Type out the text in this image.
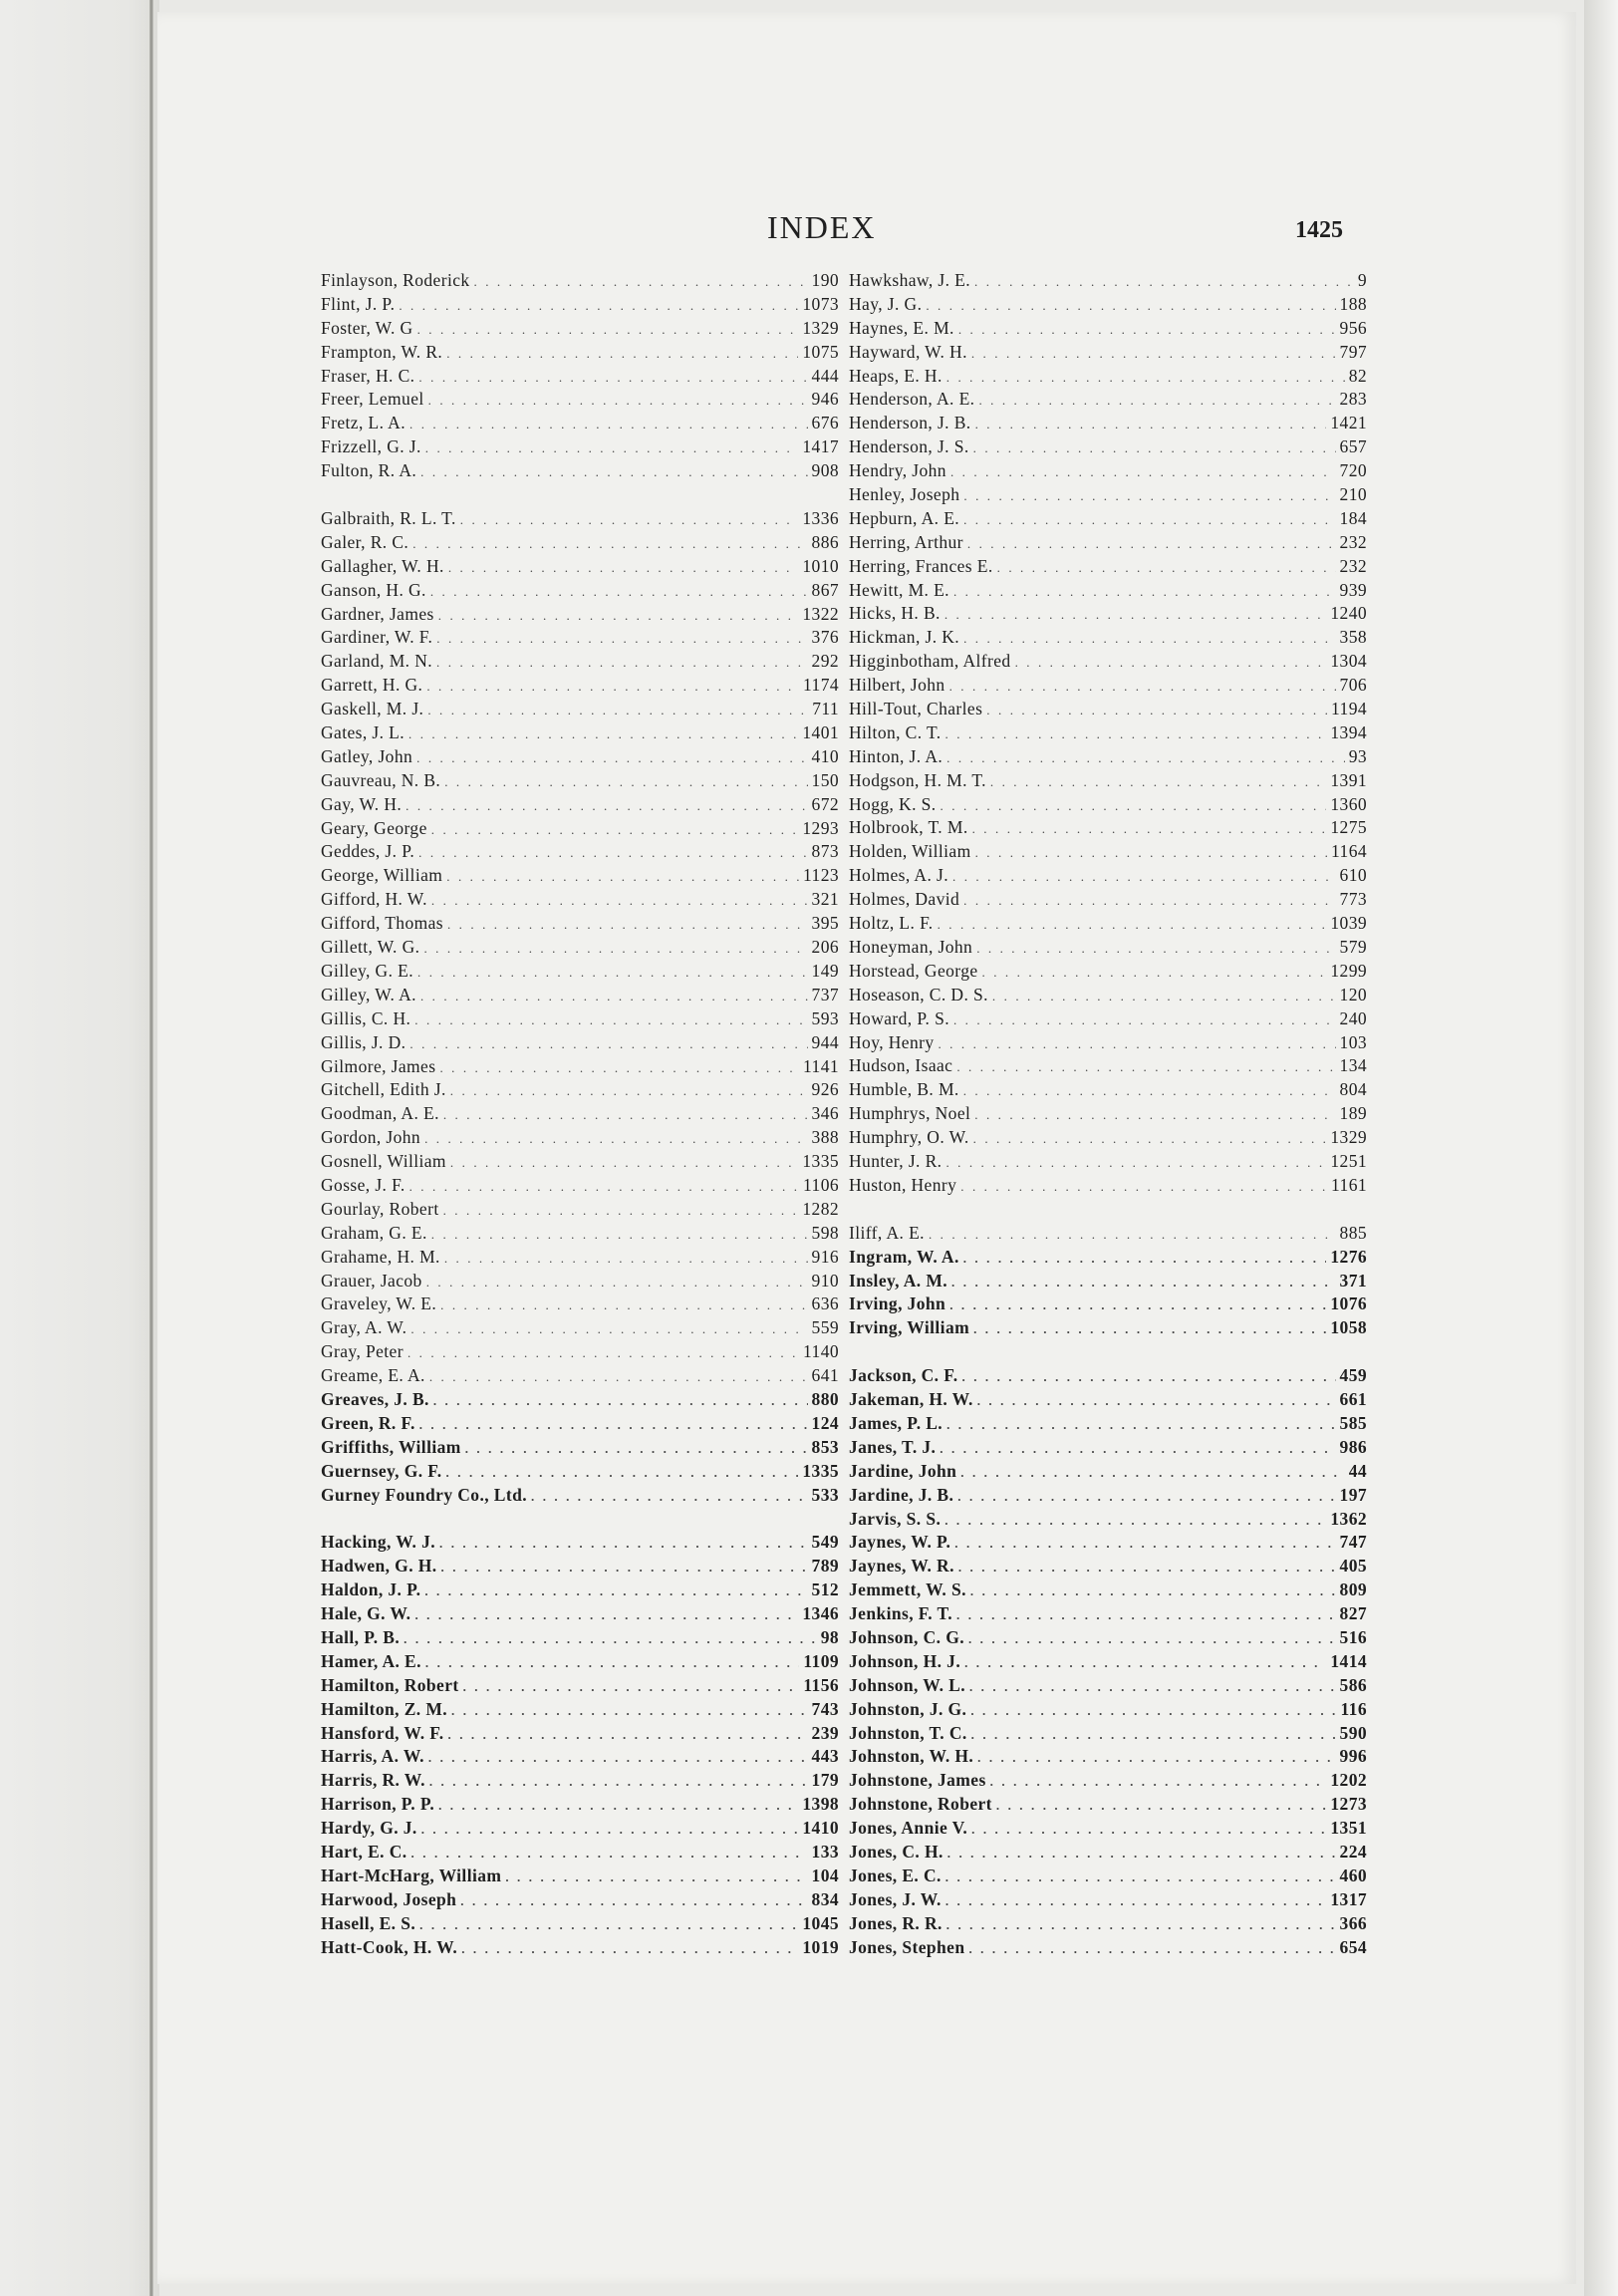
INDEX	1425
Finlayson, Roderick . . .	190
Flint, J. P. . . .	1073
Foster, W. G . . .	1329
Frampton, W. R. . . .	1075
Fraser, H. C. . . .	444
Freer, Lemuel . . .	946
Fretz, L. A. . . .	676
Frizzell, G. J. . . .	1417
Fulton, R. A. . . .	908
Galbraith, R. L. T. . . .	1336
Galer, R. C. . . .	886
Gallagher, W. H. . . .	1010
Ganson, H. G. . . .	867
Gardner, James . . .	1322
Gardiner, W. F. . . .	376
Garland, M. N. . . .	292
Garrett, H. G. . . .	1174
Gaskell, M. J. . . .	711
Gates, J. L. . . .	1401
Gatley, John . . .	410
Gauvreau, N. B. . . .	150
Gay, W. H. . . .	672
Geary, George . . .	1293
Geddes, J. P. . . .	873
George, William . . .	1123
Gifford, H. W. . . .	321
Gifford, Thomas . . .	395
Gillett, W. G. . . .	206
Gilley, G. E. . . .	149
Gilley, W. A. . . .	737
Gillis, C. H. . . .	593
Gillis, J. D. . . .	944
Gilmore, James . . .	1141
Gitchell, Edith J. . . .	926
Goodman, A. E. . . .	346
Gordon, John . . .	388
Gosnell, William . . .	1335
Gosse, J. F. . . .	1106
Gourlay, Robert . . .	1282
Graham, G. E. . . .	598
Grahame, H. M. . . .	916
Grauer, Jacob . . .	910
Graveley, W. E. . . .	636
Gray, A. W. . . .	559
Gray, Peter . . .	1140
Greame, E. A. . . .	641
Greaves, J. B. . . .	880
Green, R. F. . . .	124
Griffiths, William . . .	853
Guernsey, G. F. . . .	1335
Gurney Foundry Co., Ltd. . . .	533
Hacking, W. J. . . .	549
Hadwen, G. H. . . .	789
Haldon, J. P. . . .	512
Hale, G. W. . . .	1346
Hall, P. B. . . .	98
Hamer, A. E. . . .	1109
Hamilton, Robert . . .	1156
Hamilton, Z. M. . . .	743
Hansford, W. F. . . .	239
Harris, A. W. . . .	443
Harris, R. W. . . .	179
Harrison, P. P. . . .	1398
Hardy, G. J. . . .	1410
Hart, E. C. . . .	133
Hart-McHarg, William . . .	104
Harwood, Joseph . . .	834
Hasell, E. S. . . .	1045
Hatt-Cook, H. W. . . .	1019
Hawkshaw, J. E. . . .	9
Hay, J. G. . . .	188
Haynes, E. M. . . .	956
Hayward, W. H. . . .	797
Heaps, E. H. . . .	82
Henderson, A. E. . . .	283
Henderson, J. B. . . .	1421
Henderson, J. S. . . .	657
Hendry, John . . .	720
Henley, Joseph . . .	210
Hepburn, A. E. . . .	184
Herring, Arthur . . .	232
Herring, Frances E. . . .	232
Hewitt, M. E. . . .	939
Hicks, H. B. . . .	1240
Hickman, J. K. . . .	358
Higginbotham, Alfred . . .	1304
Hilbert, John . . .	706
Hill-Tout, Charles . . .	1194
Hilton, C. T. . . .	1394
Hinton, J. A. . . .	93
Hodgson, H. M. T. . . .	1391
Hogg, K. S. . . .	1360
Holbrook, T. M. . . .	1275
Holden, William . . .	1164
Holmes, A. J. . . .	610
Holmes, David . . .	773
Holtz, L. F. . . .	1039
Honeyman, John . . .	579
Horstead, George . . .	1299
Hoseason, C. D. S. . . .	120
Howard, P. S. . . .	240
Hoy, Henry . . .	103
Hudson, Isaac . . .	134
Humble, B. M. . . .	804
Humphrys, Noel . . .	189
Humphry, O. W. . . .	1329
Hunter, J. R. . . .	1251
Huston, Henry . . .	1161
Iliff, A. E. . . .	885
Ingram, W. A. . . .	1276
Insley, A. M. . . .	371
Irving, John . . .	1076
Irving, William . . .	1058
Jackson, C. F. . . .	459
Jakeman, H. W. . . .	661
James, P. L. . . .	585
Janes, T. J. . . .	986
Jardine, John . . .	44
Jardine, J. B. . . .	197
Jarvis, S. S. . . .	1362
Jaynes, W. P. . . .	747
Jaynes, W. R. . . .	405
Jemmett, W. S. . . .	809
Jenkins, F. T. . . .	827
Johnson, C. G. . . .	516
Johnson, H. J. . . .	1414
Johnson, W. L. . . .	586
Johnston, J. G. . . .	116
Johnston, T. C. . . .	590
Johnston, W. H. . . .	996
Johnstone, James . . .	1202
Johnstone, Robert . . .	1273
Jones, Annie V. . . .	1351
Jones, C. H. . . .	224
Jones, E. C. . . .	460
Jones, J. W. . . .	1317
Jones, R. R. . . .	366
Jones, Stephen . . .	654
